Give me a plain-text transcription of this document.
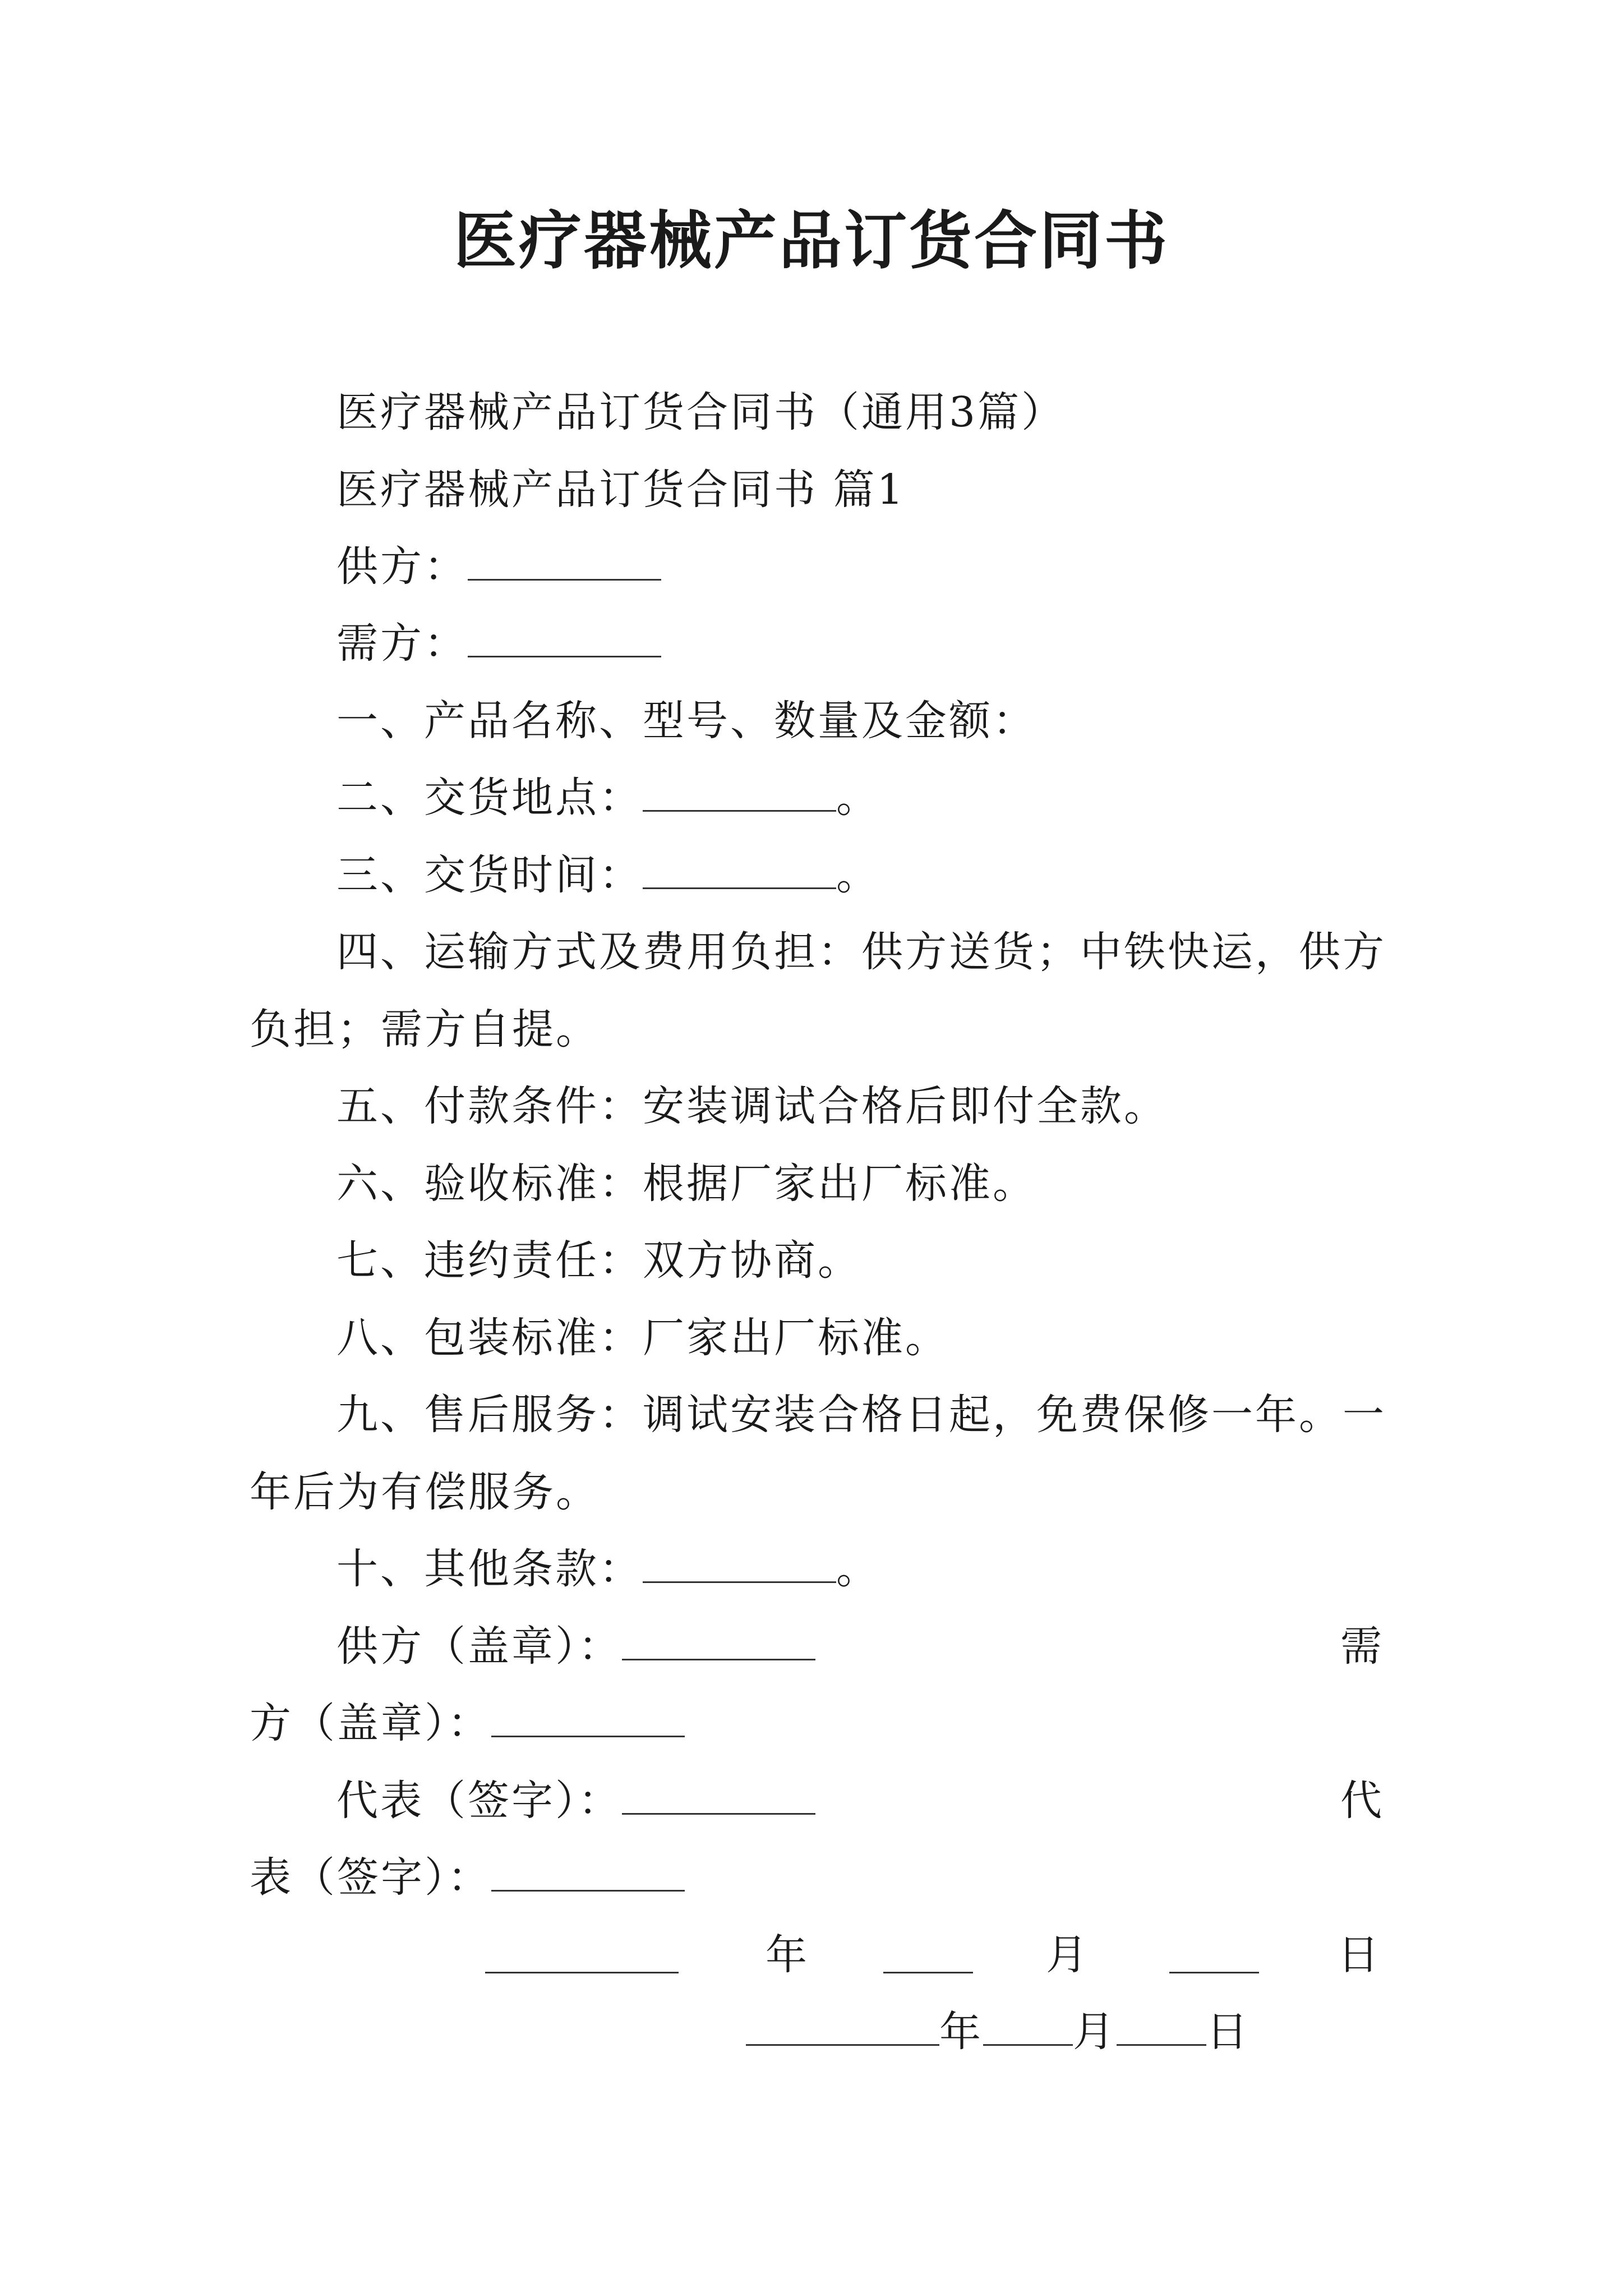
医疗器械产品订货合同书
医疗器械产品订货合同书（通用3篇）
医疗器械产品订货合同书 篇1
供方：
需方：
一、产品名称、型号、数量及金额：
二、交货地点：	。
三、交货时间：	。
四、运输方式及费用负担：供方送货；中铁快运，供方
负担；需方自提。
五、付款条件：安装调试合格后即付全款。
六、验收标准：根据厂家出厂标准。
七、违约责任：双方协商。
八、包装标准：厂家出厂标准。
九、售后服务：调试安装合格日起，免费保修一年。一
年后为有偿服务。
十、其他条款：	。
供方（盖章）：	需
方（盖章）：
代表（签字）：	代
表（签字）：
年	月	日
年 月 日
